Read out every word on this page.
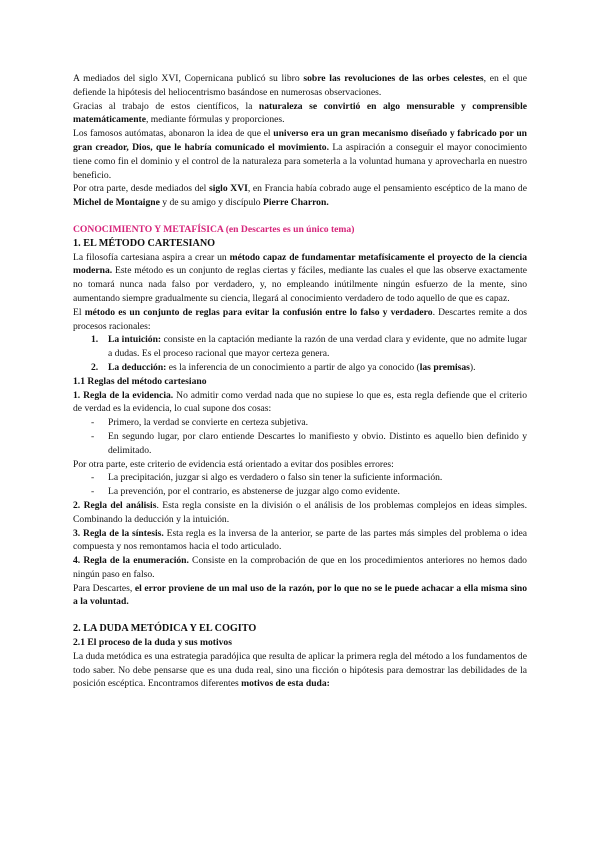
A mediados del siglo XVI, Copernicana publicó su libro sobre las revoluciones de las orbes celestes, en el que defiende la hipótesis del heliocentrismo basándose en numerosas observaciones.

Gracias al trabajo de estos científicos, la naturaleza se convirtió en algo mensurable y comprensible matemáticamente, mediante fórmulas y proporciones.

Los famosos autómatas, abonaron la idea de que el universo era un gran mecanismo diseñado y fabricado por un gran creador, Dios, que le habría comunicado el movimiento. La aspiración a conseguir el mayor conocimiento tiene como fin el dominio y el control de la naturaleza para someterla a la voluntad humana y aprovecharla en nuestro beneficio.

Por otra parte, desde mediados del siglo XVI, en Francia había cobrado auge el pensamiento escéptico de la mano de Michel de Montaigne y de su amigo y discípulo Pierre Charron.

CONOCIMIENTO Y METAFÍSICA (en Descartes es un único tema)

1. EL MÉTODO CARTESIANO

La filosofía cartesiana aspira a crear un método capaz de fundamentar metafísicamente el proyecto de la ciencia moderna. Este método es un conjunto de reglas ciertas y fáciles, mediante las cuales el que las observe exactamente no tomará nunca nada falso por verdadero, y, no empleando inútilmente ningún esfuerzo de la mente, sino aumentando siempre gradualmente su ciencia, llegará al conocimiento verdadero de todo aquello de que es capaz.

El método es un conjunto de reglas para evitar la confusión entre lo falso y verdadero. Descartes remite a dos procesos racionales:

1. La intuición: consiste en la captación mediante la razón de una verdad clara y evidente, que no admite lugar a dudas. Es el proceso racional que mayor certeza genera.
2. La deducción: es la inferencia de un conocimiento a partir de algo ya conocido (las premisas).

1.1 Reglas del método cartesiano

1. Regla de la evidencia. No admitir como verdad nada que no supiese lo que es, esta regla defiende que el criterio de verdad es la evidencia, lo cual supone dos cosas:

- Primero, la verdad se convierte en certeza subjetiva.
- En segundo lugar, por claro entiende Descartes lo manifiesto y obvio. Distinto es aquello bien definido y delimitado.

Por otra parte, este criterio de evidencia está orientado a evitar dos posibles errores:

- La precipitación, juzgar si algo es verdadero o falso sin tener la suficiente información.
- La prevención, por el contrario, es abstenerse de juzgar algo como evidente.

2. Regla del análisis. Esta regla consiste en la división o el análisis de los problemas complejos en ideas simples. Combinando la deducción y la intuición.

3. Regla de la síntesis. Esta regla es la inversa de la anterior, se parte de las partes más simples del problema o idea compuesta y nos remontamos hacia el todo articulado.

4. Regla de la enumeración. Consiste en la comprobación de que en los procedimientos anteriores no hemos dado ningún paso en falso.

Para Descartes, el error proviene de un mal uso de la razón, por lo que no se le puede achacar a ella misma sino a la voluntad.

2. LA DUDA METÓDICA Y EL COGITO

2.1 El proceso de la duda y sus motivos

La duda metódica es una estrategia paradójica que resulta de aplicar la primera regla del método a los fundamentos de todo saber. No debe pensarse que es una duda real, sino una ficción o hipótesis para demostrar las debilidades de la posición escéptica. Encontramos diferentes motivos de esta duda:
